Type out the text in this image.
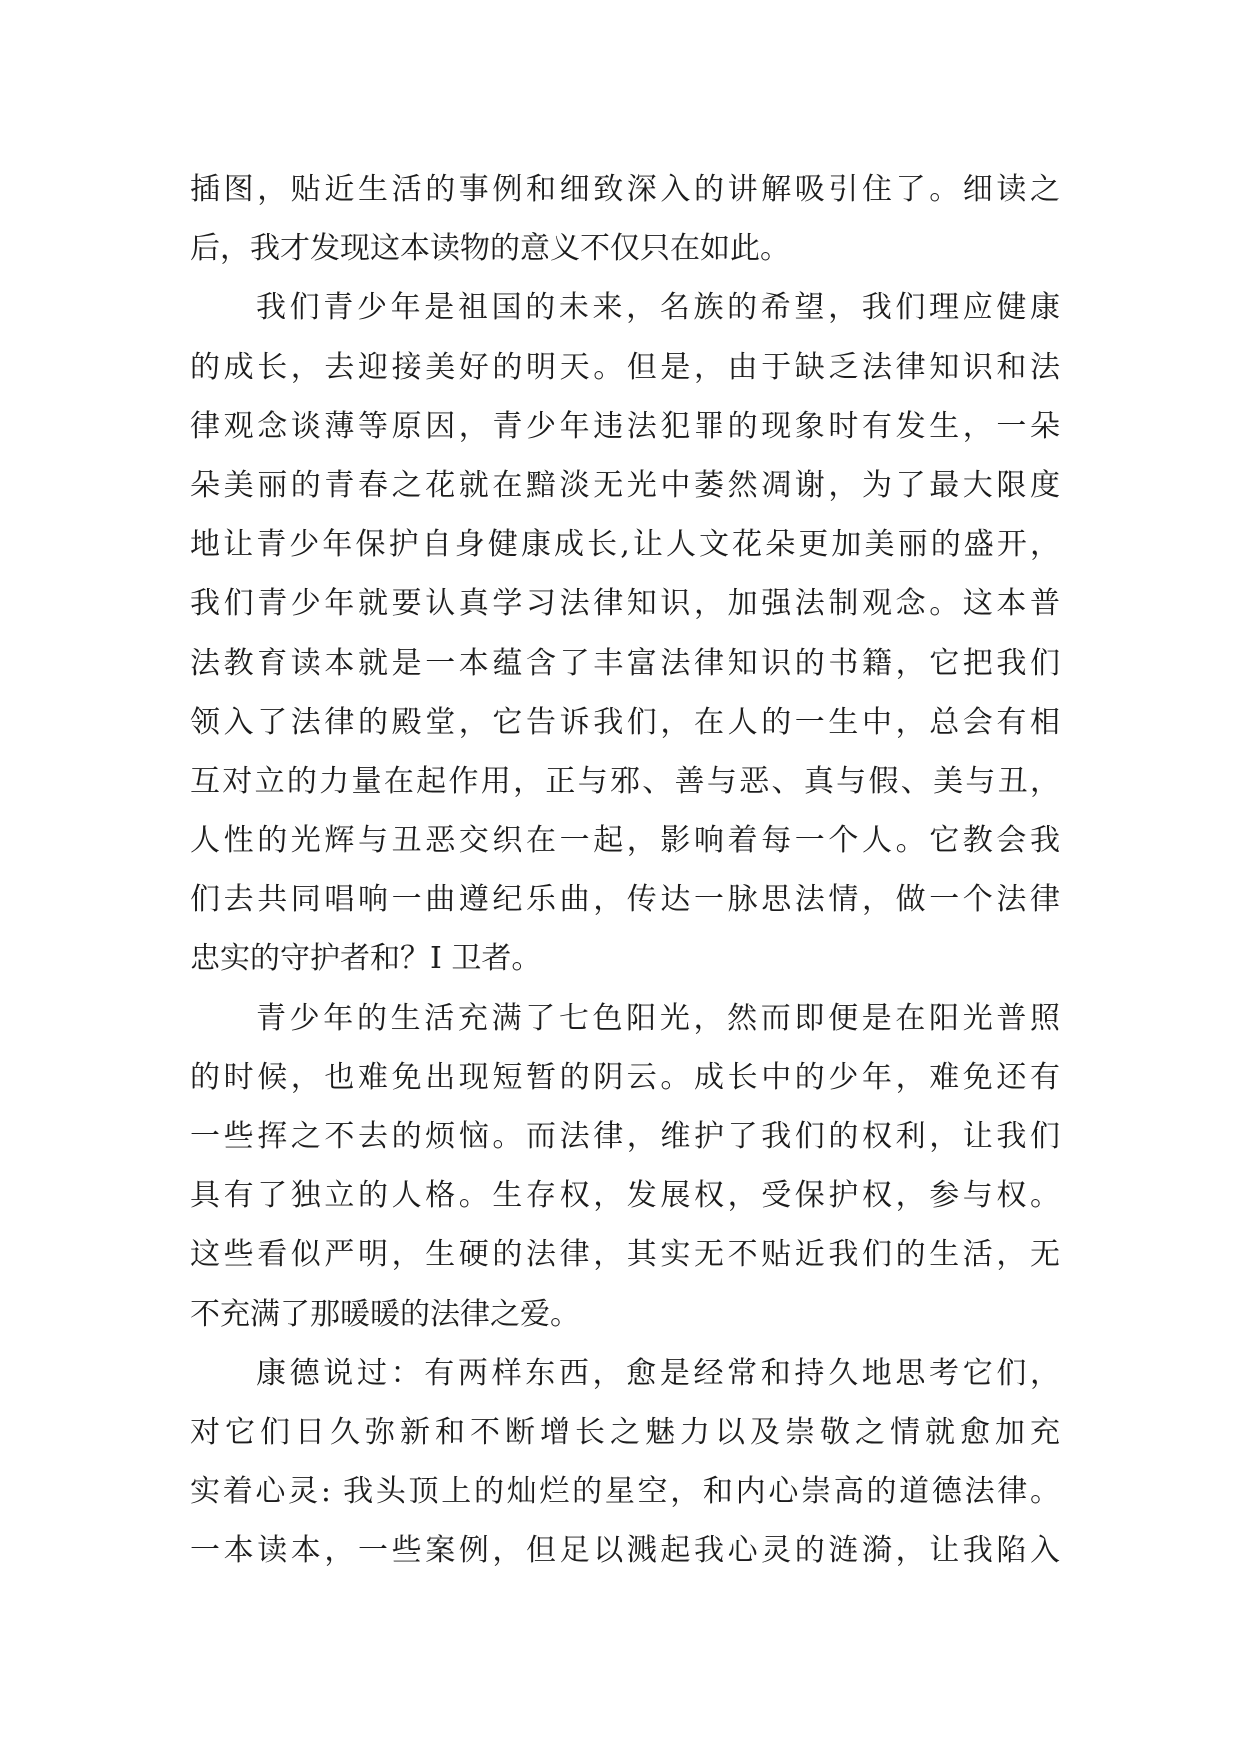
插图，贴近生活的事例和细致深入的讲解吸引住了。细读之
后，我才发现这本读物的意义不仅只在如此。
我们青少年是祖国的未来，名族的希望，我们理应健康
的成长，去迎接美好的明天。但是，由于缺乏法律知识和法
律观念谈薄等原因，青少年违法犯罪的现象时有发生，一朵
朵美丽的青春之花就在黯淡无光中萎然凋谢，为了最大限度
地让青少年保护自身健康成长,让人文花朵更加美丽的盛开，
我们青少年就要认真学习法律知识，加强法制观念。这本普
法教育读本就是一本蕴含了丰富法律知识的书籍，它把我们
领入了法律的殿堂，它告诉我们，在人的一生中，总会有相
互对立的力量在起作用，正与邪、善与恶、真与假、美与丑，
人性的光辉与丑恶交织在一起，影响着每一个人。它教会我
们去共同唱响一曲遵纪乐曲，传达一脉思法情，做一个法律
忠实的守护者和？I 卫者。
青少年的生活充满了七色阳光，然而即便是在阳光普照
的时候，也难免出现短暂的阴云。成长中的少年，难免还有
一些挥之不去的烦恼。而法律，维护了我们的权利，让我们
具有了独立的人格。生存权，发展权，受保护权，参与权。
这些看似严明，生硬的法律，其实无不贴近我们的生活，无
不充满了那暖暖的法律之爱。
康德说过：有两样东西，愈是经常和持久地思考它们，
对它们日久弥新和不断增长之魅力以及崇敬之情就愈加充
实着心灵: 我头顶上的灿烂的星空，和内心崇高的道德法律。
一本读本，一些案例，但足以溅起我心灵的涟漪，让我陷入
